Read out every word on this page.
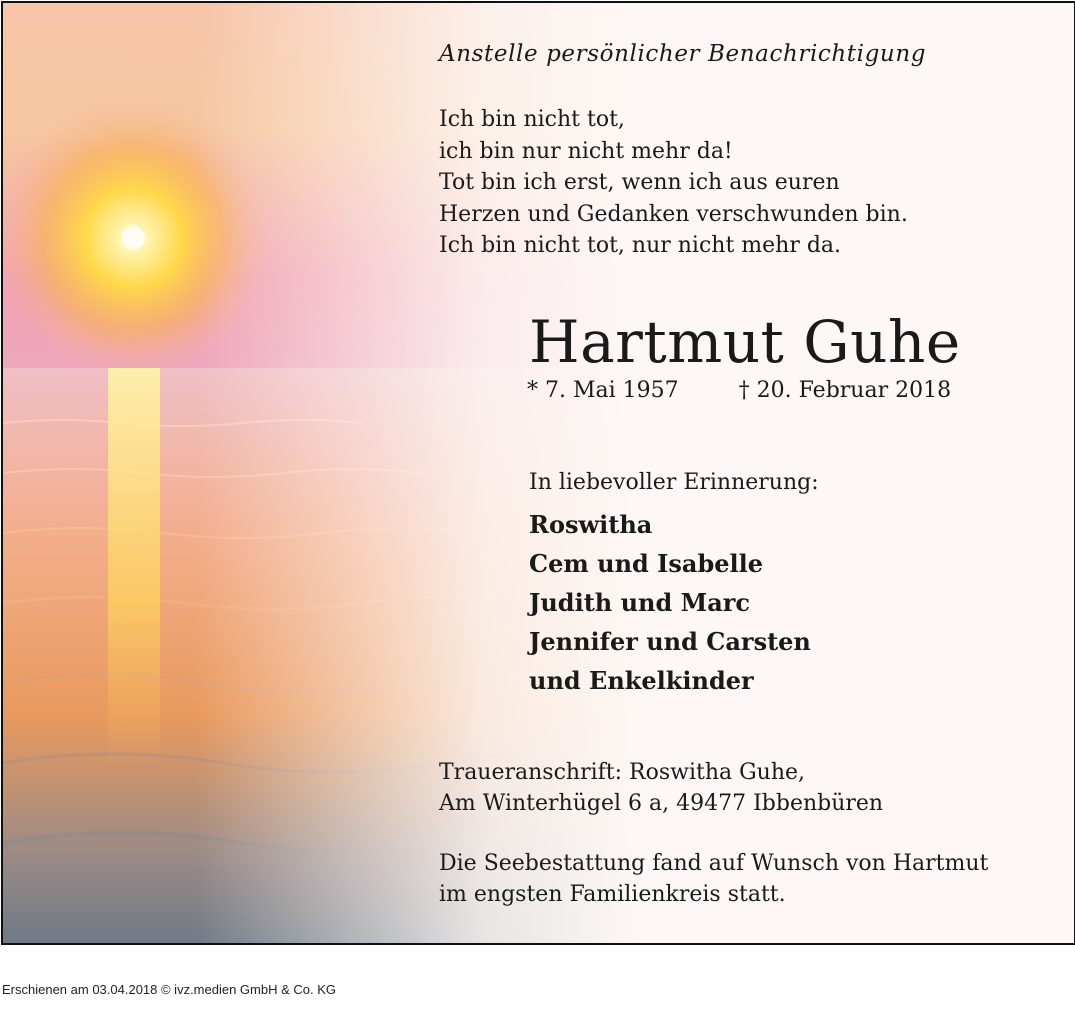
Anstelle persönlicher Benachrichtigung
Ich bin nicht tot,
ich bin nur nicht mehr da!
Tot bin ich erst, wenn ich aus euren
Herzen und Gedanken verschwunden bin.
Ich bin nicht tot, nur nicht mehr da.
Hartmut Guhe
* 7. Mai 1957	† 20. Februar 2018
In liebevoller Erinnerung:
Roswitha
Cem und Isabelle
Judith und Marc
Jennifer und Carsten
und Enkelkinder
Traueranschrift: Roswitha Guhe,
Am Winterhügel 6 a, 49477 Ibbenbüren
Die Seebestattung fand auf Wunsch von Hartmut
im engsten Familienkreis statt.
Erschienen am 03.04.2018 © ivz.medien GmbH & Co. KG
